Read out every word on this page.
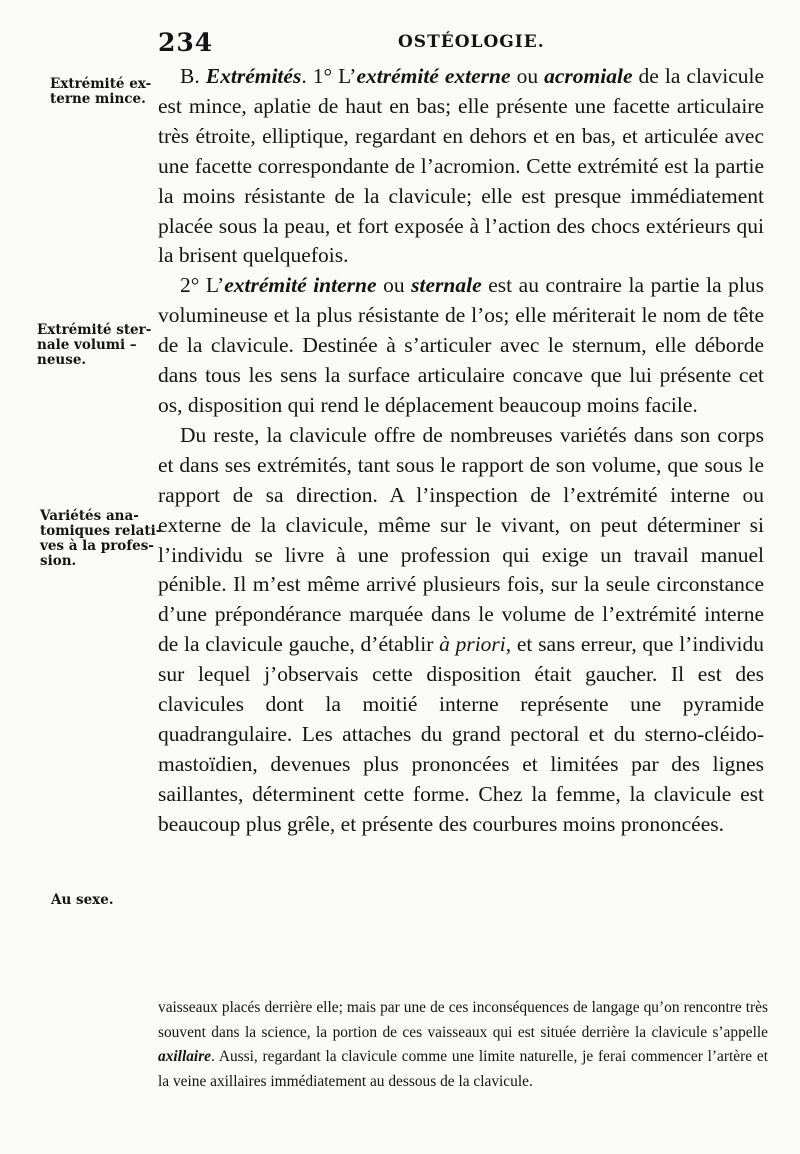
234	OSTÉOLOGIE.
Extrémité ex-
terne mince.
Extrémité ster-
nale volumi –
neuse.
Variétés ana-
tomiques relati-
ves à la profes-
sion.
Au sexe.

B. Extrémités. 1° L’extrémité externe ou acromiale de la clavicule est mince, aplatie de haut en bas; elle présente une facette articulaire très étroite, elliptique, regardant en dehors et en bas, et articulée avec une facette correspondante de l’acromion. Cette extrémité est la partie la moins résistante de la clavicule; elle est presque immédiatement placée sous la peau, et fort exposée à l’action des chocs extérieurs qui la brisent quelquefois.

2° L’extrémité interne ou sternale est au contraire la partie la plus volumineuse et la plus résistante de l’os; elle mériterait le nom de tête de la clavicule. Destinée à s’articuler avec le sternum, elle déborde dans tous les sens la surface articulaire concave que lui présente cet os, disposition qui rend le déplacement beaucoup moins facile.

Du reste, la clavicule offre de nombreuses variétés dans son corps et dans ses extrémités, tant sous le rapport de son volume, que sous le rapport de sa direction. A l’inspection de l’extrémité interne ou externe de la clavicule, même sur le vivant, on peut déterminer si l’individu se livre à une profession qui exige un travail manuel pénible. Il m’est même arrivé plusieurs fois, sur la seule circonstance d’une prépondérance marquée dans le volume de l’extrémité interne de la clavicule gauche, d’établir à priori, et sans erreur, que l’individu sur lequel j’observais cette disposition était gaucher. Il est des clavicules dont la moitié interne représente une pyramide quadrangulaire. Les attaches du grand pectoral et du sterno-cléido-mastoïdien, devenues plus prononcées et limitées par des lignes saillantes, déterminent cette forme. Chez la femme, la clavicule est beaucoup plus grêle, et présente des courbures moins prononcées.

vaisseaux placés derrière elle; mais par une de ces inconséquences de langage qu’on rencontre très souvent dans la science, la portion de ces vaisseaux qui est située derrière la clavicule s’appelle axillaire. Aussi, regardant la clavicule comme une limite naturelle, je ferai commencer l’artère et la veine axillaires immédiatement au dessous de la clavicule.
